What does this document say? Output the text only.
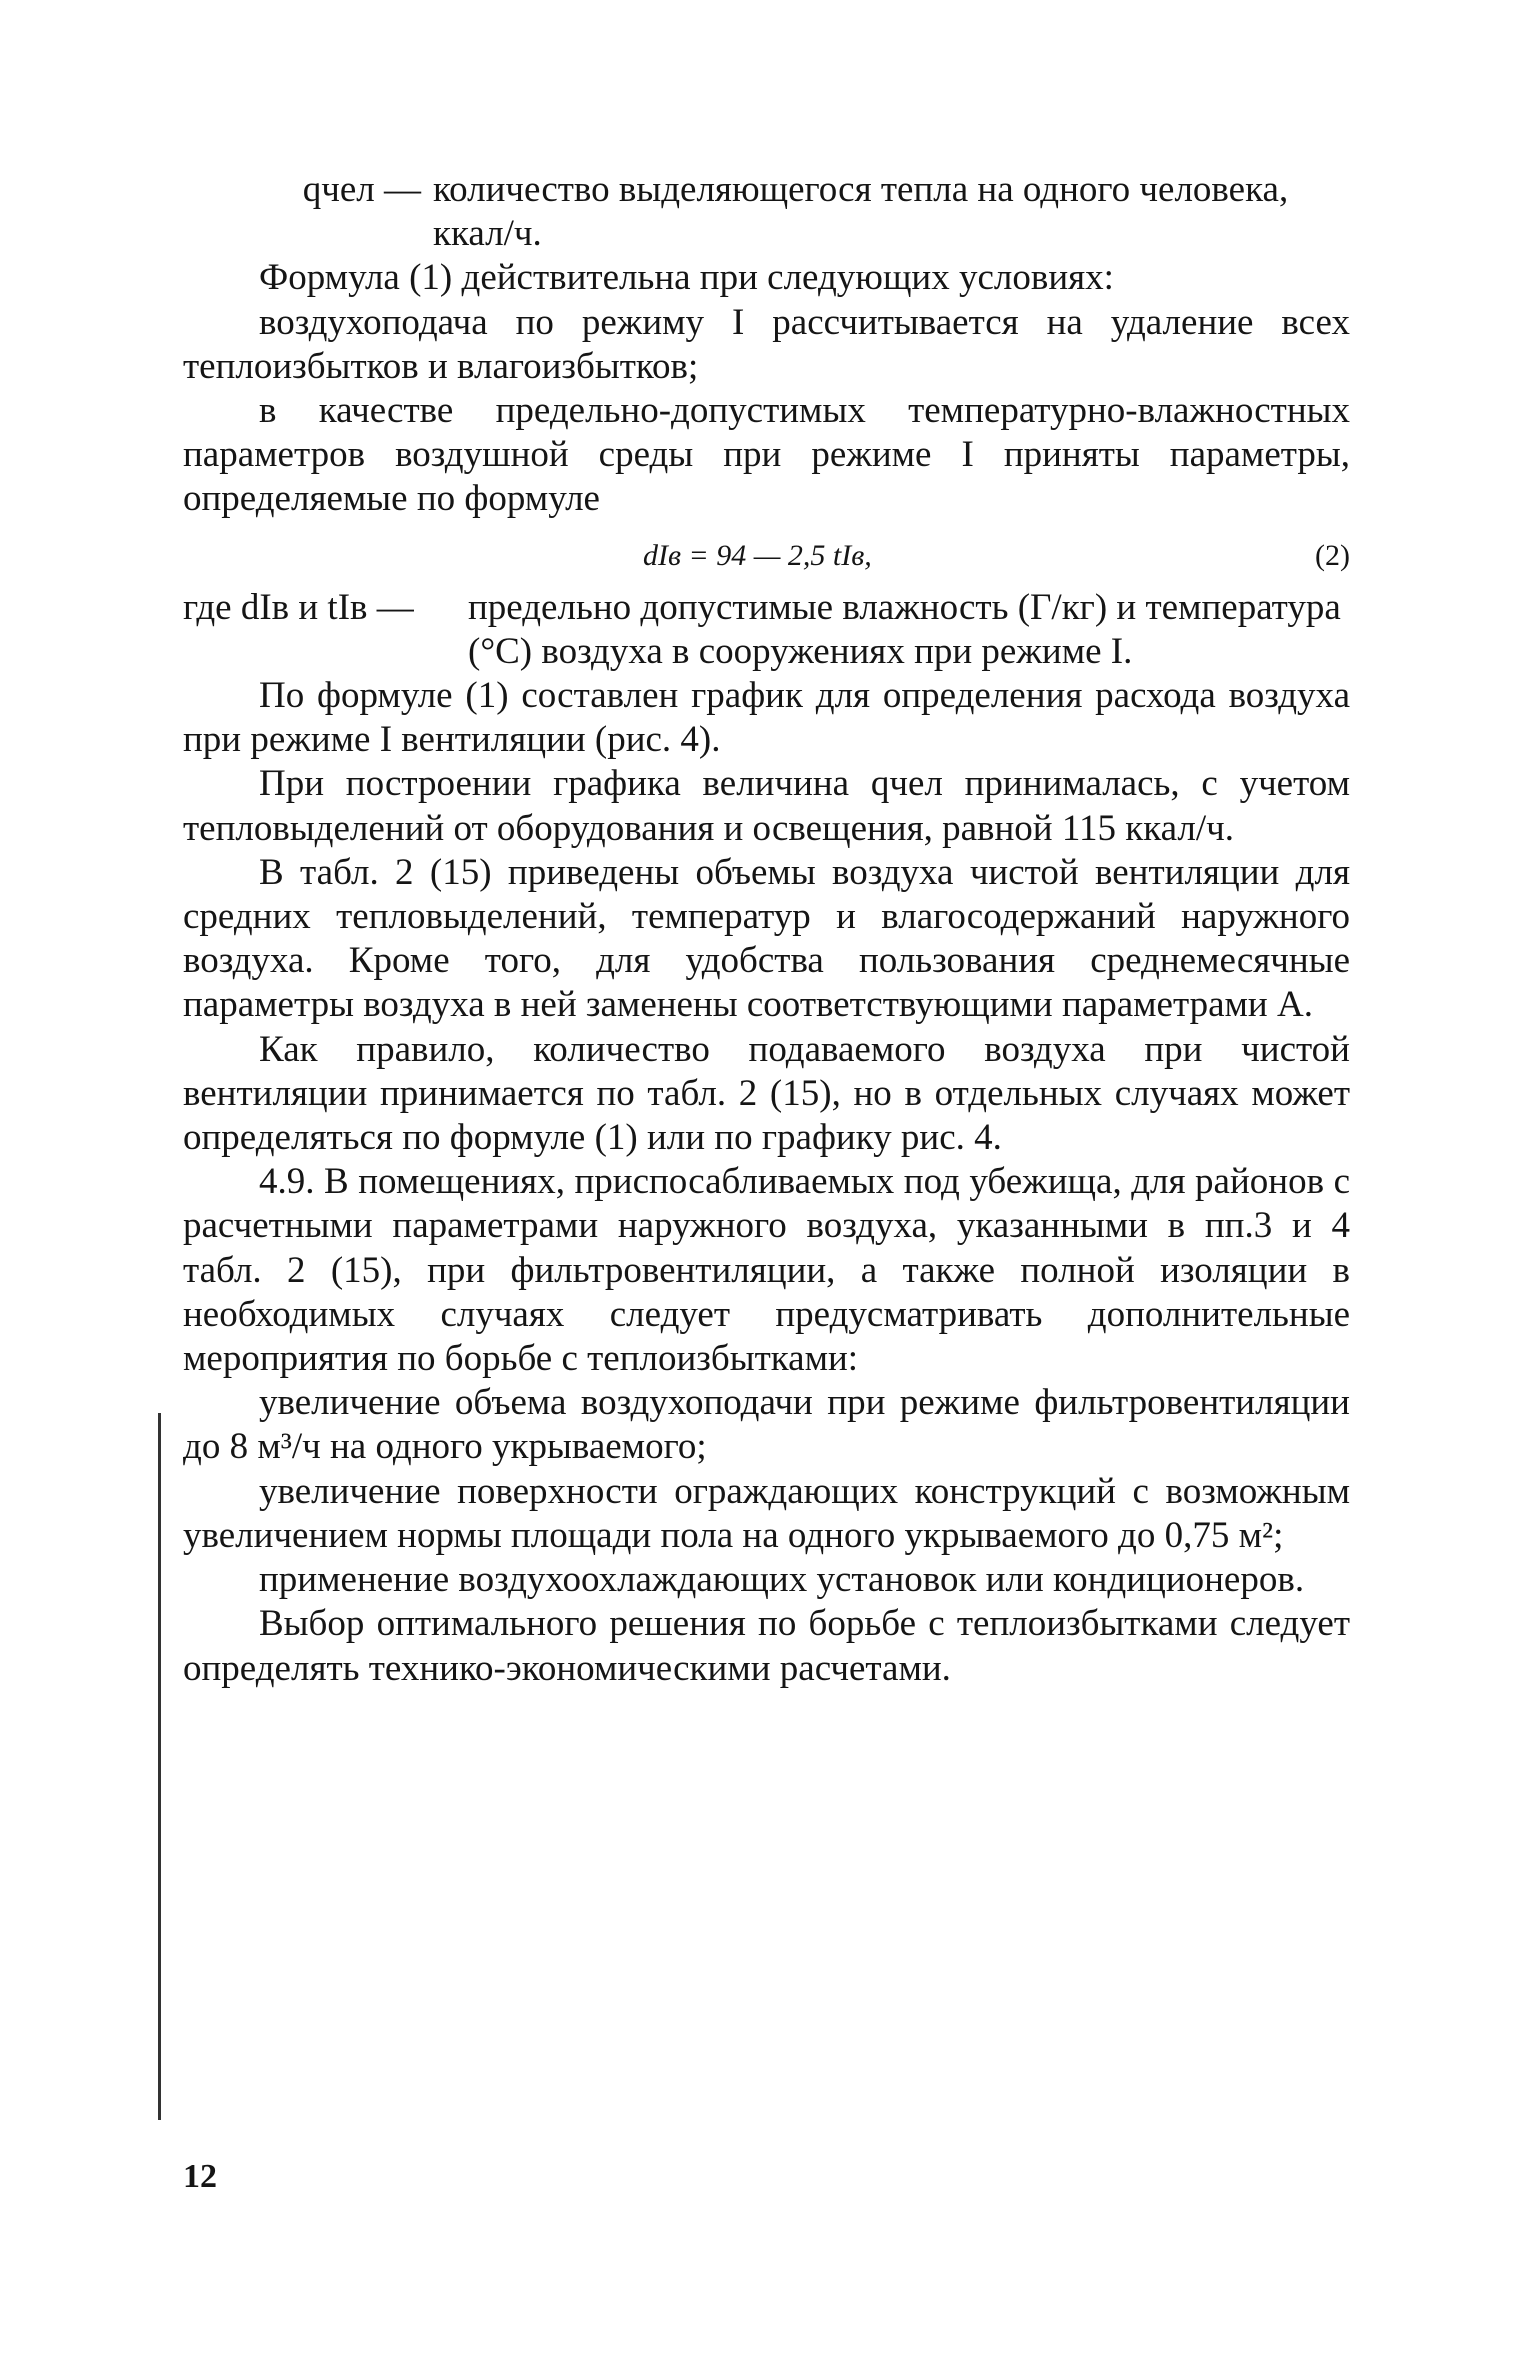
qчел — количество выделяющегося тепла на одного человека, ккал/ч.

Формула (1) действительна при следующих условиях:

воздухоподача по режиму I рассчитывается на удаление всех теплоизбытков и влагоизбытков;

в качестве предельно-допустимых температурно-влажностных параметров воздушной среды при режиме I приняты параметры, определяемые по формуле

dIв = 94 — 2,5 tIв,	(2)
где dIв и tIв —	предельно допустимые влажность (Г/кг) и температура (°С) воздуха в сооружениях при режиме I.

По формуле (1) составлен график для определения расхода воздуха при режиме I вентиляции (рис. 4).

При построении графика величина qчел принималась, с учетом тепловыделений от оборудования и освещения, равной 115 ккал/ч.

В табл. 2 (15) приведены объемы воздуха чистой вентиляции для средних тепловыделений, температур и влагосодержаний наружного воздуха. Кроме того, для удобства пользования среднемесячные параметры воздуха в ней заменены соответствующими параметрами А.

Как правило, количество подаваемого воздуха при чистой вентиляции принимается по табл. 2 (15), но в отдельных случаях может определяться по формуле (1) или по графику рис. 4.

4.9. В помещениях, приспосабливаемых под убежища, для районов с расчетными параметрами наружного воздуха, указанными в пп.3 и 4 табл. 2 (15), при фильтровентиляции, а также полной изоляции в необходимых случаях следует предусматривать дополнительные мероприятия по борьбе с теплоизбытками:

увеличение объема воздухоподачи при режиме фильтровентиляции до 8 м³/ч на одного укрываемого;

увеличение поверхности ограждающих конструкций с возможным увеличением нормы площади пола на одного укрываемого до 0,75 м²;

применение воздухоохлаждающих установок или кондиционеров.

Выбор оптимального решения по борьбе с теплоизбытками следует определять технико-экономическими расчетами.

12
